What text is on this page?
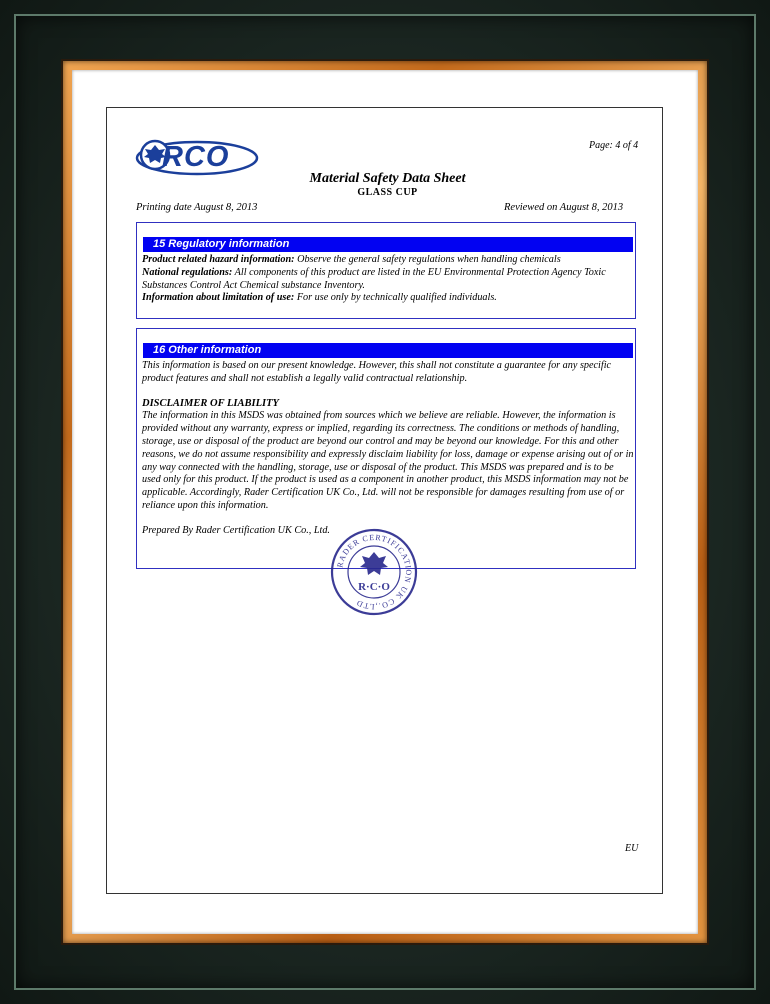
RCO	Page: 4 of 4
Material Safety Data Sheet
GLASS CUP
Printing date August 8, 2013	Reviewed on August 8, 2013
15 Regulatory information
Product related hazard information: Observe the general safety regulations when handling chemicals
National regulations: All components of this product are listed in the EU Environmental Protection Agency Toxic Substances Control Act Chemical substance Inventory.
Information about limitation of use: For use only by technically qualified individuals.
16 Other information
This information is based on our present knowledge. However, this shall not constitute a guarantee for any specific product features and shall not establish a legally valid contractual relationship.
DISCLAIMER OF LIABILITY
The information in this MSDS was obtained from sources which we believe are reliable. However, the information is provided without any warranty, express or implied, regarding its correctness. The conditions or methods of handling, storage, use or disposal of the product are beyond our control and may be beyond our knowledge. For this and other reasons, we do not assume responsibility and expressly disclaim liability for loss, damage or expense arising out of or in any way connected with the handling, storage, use or disposal of the product. This MSDS was prepared and is to be used only for this product. If the product is used as a component in another product, this MSDS information may not be applicable. Accordingly, Rader Certification UK Co., Ltd. will not be responsible for damages resulting from use of or reliance upon this information.
Prepared By Rader Certification UK Co., Ltd.
RADER CERTIFICATION UK CO.,LTD
R·C·O
EU
